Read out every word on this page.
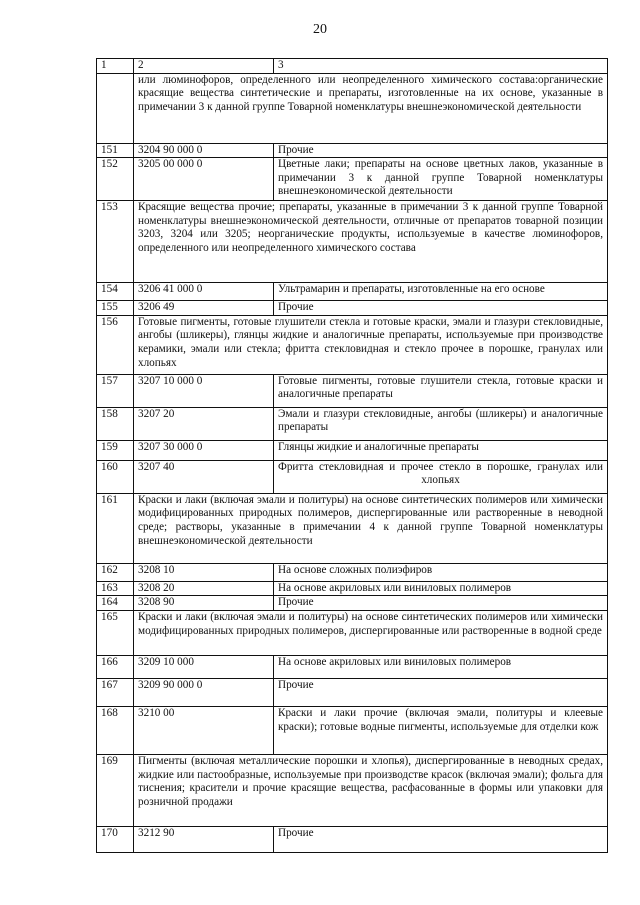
20
1	2	3
	или люминофоров, определенного или неопределенного химического состава:органические красящие вещества синтетические и препараты, изготовленные на их основе, указанные в примечании 3 к данной группе Товарной номенклатуры внешнеэкономической деятельности	
151	3204 90 000 0	Прочие
152	3205 00 000 0	Цветные лаки; препараты на основе цветных лаков, указанные в примечании 3 к данной группе Товарной номенклатуры внешнеэкономической деятельности
153	Красящие вещества прочие; препараты, указанные в примечании 3 к данной группе Товарной номенклатуры внешнеэкономической деятельности, отличные от препаратов товарной позиции 3203, 3204 или 3205; неорганические продукты, используемые в качестве люминофоров, определенного или неопределенного химического состава	
154	3206 41 000 0	Ультрамарин и препараты, изготовленные на его основе
155	3206 49	Прочие
156	Готовые пигменты, готовые глушители стекла и готовые краски, эмали и глазури стекловидные, ангобы (шликеры), глянцы жидкие и аналогичные препараты, используемые при производстве керамики, эмали или стекла; фритта стекловидная и стекло прочее в порошке, гранулах или хлопьях	
157	3207 10 000 0	Готовые пигменты, готовые глушители стекла, готовые краски и аналогичные препараты
158	3207 20	Эмали и глазури стекловидные, ангобы (шликеры) и аналогичные препараты
159	3207 30 000 0	Глянцы жидкие и аналогичные препараты
160	3207 40	Фритта стекловидная и прочее стекло в порошке, гранулах или хлопьях
161	Краски и лаки (включая эмали и политуры) на основе синтетических полимеров или химически модифицированных природных полимеров, диспергированные или растворенные в неводной среде; растворы, указанные в примечании 4 к данной группе Товарной номенклатуры внешнеэкономической деятельности	
162	3208 10	На основе сложных полиэфиров
163	3208 20	На основе акриловых или виниловых полимеров
164	3208 90	Прочие
165	Краски и лаки (включая эмали и политуры) на основе синтетических полимеров или химически модифицированных природных полимеров, диспергированные или растворенные в водной среде	
166	3209 10 000	На основе акриловых или виниловых полимеров
167	3209 90 000 0	Прочие
168	3210 00	Краски и лаки прочие (включая эмали, политуры и клеевые краски); готовые водные пигменты, используемые для отделки кож
169	Пигменты (включая металлические порошки и хлопья), диспергированные в неводных средах, жидкие или пастообразные, используемые при производстве красок (включая эмали); фольга для тиснения; красители и прочие красящие вещества, расфасованные в формы или упаковки для розничной продажи	
170	3212 90	Прочие
